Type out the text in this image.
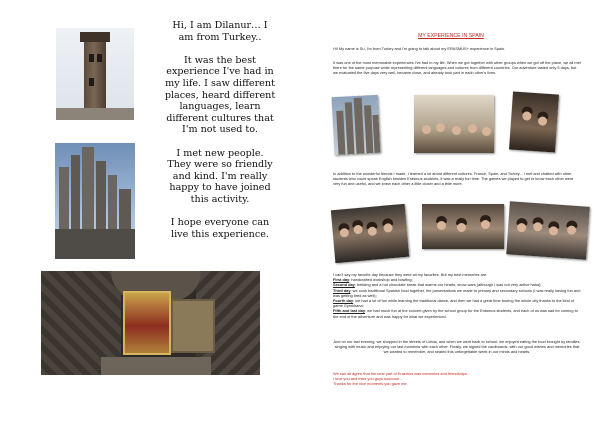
Hi, I am Dilanur… I am from Turkey..

It was the best experience I've had in my life. I saw different places, heard different languages, learn different cultures that I'm not used to.

I met new people. They were so friendly and kind. I'm really happy to have joined this activity.

I hope everyone can live this experience.

MY EXPERIENCE IN SPAIN

Hi! My name is Su, I'm from Turkey and I'm going to talk about my ERASMUS+ experience in Spain.

It was one of the most memorable experiences I've had in my life. When we got together with other groups when we got off the plane, we all met there for the same purpose while representing different languages and cultures from different countries. Our adventure lasted only 5 days, but we evaluated the five days very well, became close, and already took part in each other's lives.

In addition to the wonderful friends I made, I learned a lot about different cultures. France, Spain, and Turkey... I met and chatted with other students who could speak English besides Erasmus students, it was a really fun time. The games we played to get to know each other were very fun and useful, and we knew each other a little closer and a little more.

I can't say my favorite day because they were all my favorites. But my best memories are:

First day: handcrafted workshop and bowling;

Second day: trekking and a hot chocolate break that warms our hearts, snow wars (although I was not very active haha);

Third day: we cook traditional Spanish food together, the presentations we made to primary and secondary schools (I was really having fun and was getting tired as well);

Fourth day: we had a lot of fun while learning the traditional dance, and then we had a great time touring the whole city thanks to the kind of game Gymkhana;

Fifth and last day: we had much fun at the concert given by the school group for the Erasmus students, and each of us was sad for coming to the end of the adventure and was happy for what we experienced.

And on our last evening, we shopped in the streets of Lleida, and when we went back to school, we enjoyed eating the food brought by families, singing with music and enjoying our last moments with each other. Finally, we signed the cardboards, with our good wishes and memories that we wanted to remember, and sealed this unforgettable week in our minds and hearts.

We can all agree that the best part of Erasmus was memories and friendships.

I love you and miss you guys soooooo...

Thanks for the nice moments you gave me.
